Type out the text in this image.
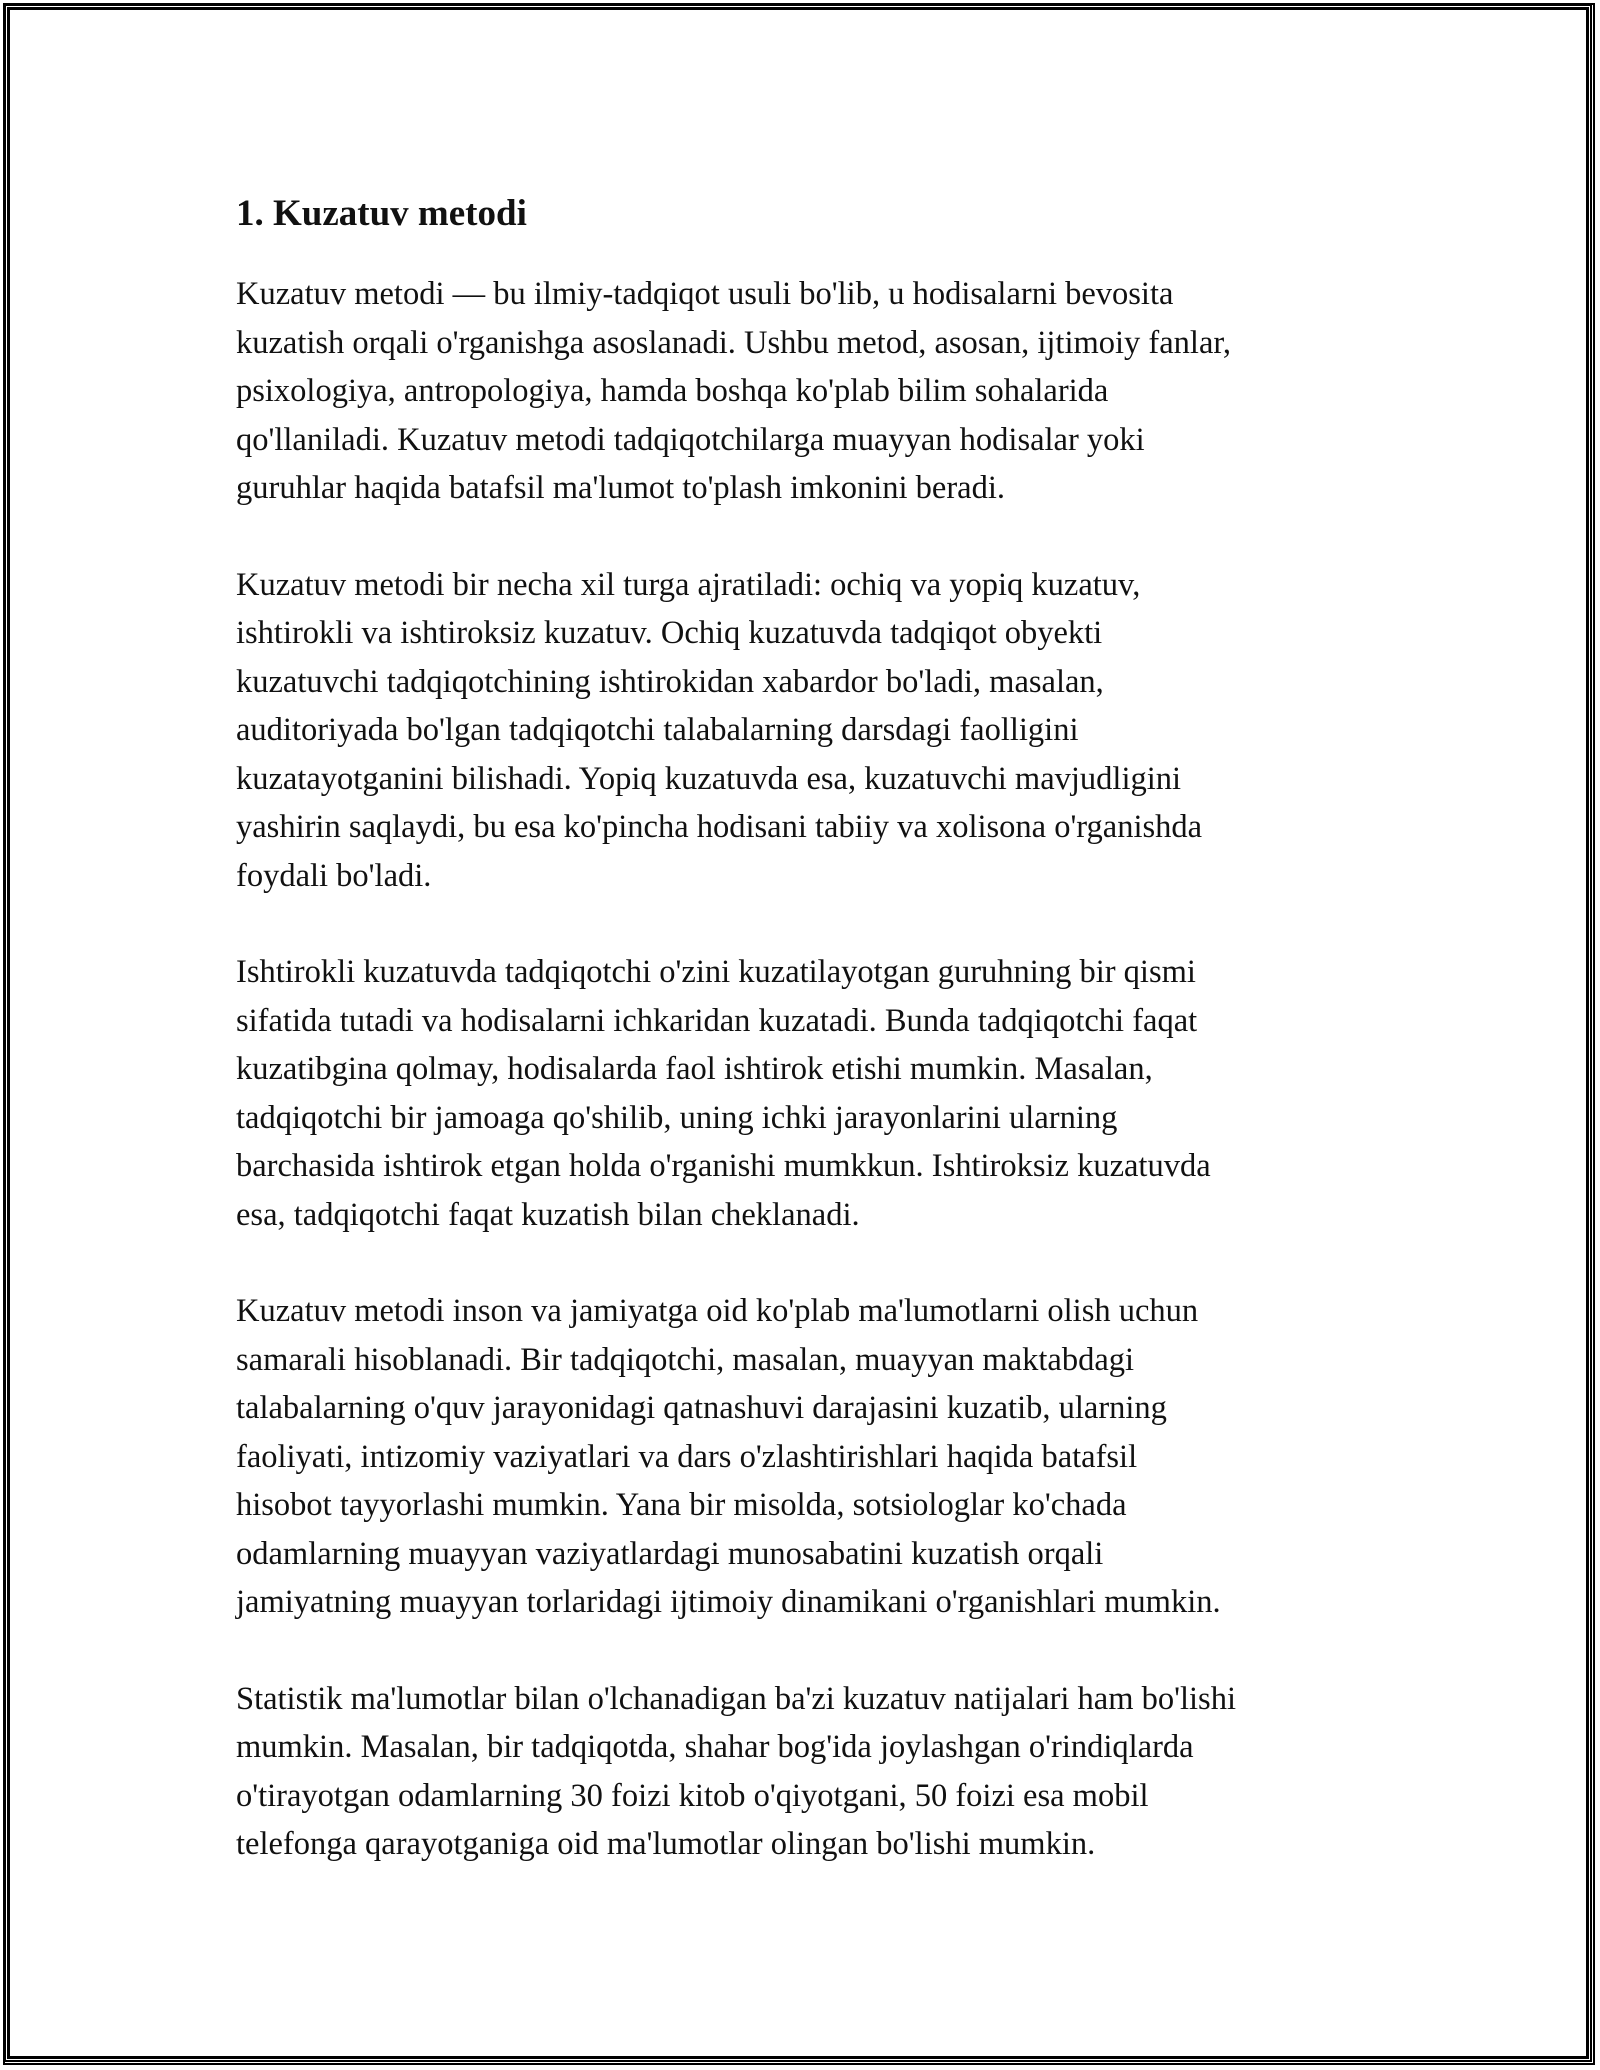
1. Kuzatuv metodi
Kuzatuv metodi — bu ilmiy-tadqiqot usuli bo'lib, u hodisalarni bevosita
kuzatish orqali o'rganishga asoslanadi. Ushbu metod, asosan, ijtimoiy fanlar,
psixologiya, antropologiya, hamda boshqa ko'plab bilim sohalarida
qo'llaniladi. Kuzatuv metodi tadqiqotchilarga muayyan hodisalar yoki
guruhlar haqida batafsil ma'lumot to'plash imkonini beradi.
Kuzatuv metodi bir necha xil turga ajratiladi: ochiq va yopiq kuzatuv,
ishtirokli va ishtiroksiz kuzatuv. Ochiq kuzatuvda tadqiqot obyekti
kuzatuvchi tadqiqotchining ishtirokidan xabardor bo'ladi, masalan,
auditoriyada bo'lgan tadqiqotchi talabalarning darsdagi faolligini
kuzatayotganini bilishadi. Yopiq kuzatuvda esa, kuzatuvchi mavjudligini
yashirin saqlaydi, bu esa ko'pincha hodisani tabiiy va xolisona o'rganishda
foydali bo'ladi.
Ishtirokli kuzatuvda tadqiqotchi o'zini kuzatilayotgan guruhning bir qismi
sifatida tutadi va hodisalarni ichkaridan kuzatadi. Bunda tadqiqotchi faqat
kuzatibgina qolmay, hodisalarda faol ishtirok etishi mumkin. Masalan,
tadqiqotchi bir jamoaga qo'shilib, uning ichki jarayonlarini ularning
barchasida ishtirok etgan holda o'rganishi mumkkun. Ishtiroksiz kuzatuvda
esa, tadqiqotchi faqat kuzatish bilan cheklanadi.
Kuzatuv metodi inson va jamiyatga oid ko'plab ma'lumotlarni olish uchun
samarali hisoblanadi. Bir tadqiqotchi, masalan, muayyan maktabdagi
talabalarning o'quv jarayonidagi qatnashuvi darajasini kuzatib, ularning
faoliyati, intizomiy vaziyatlari va dars o'zlashtirishlari haqida batafsil
hisobot tayyorlashi mumkin. Yana bir misolda, sotsiologlar ko'chada
odamlarning muayyan vaziyatlardagi munosabatini kuzatish orqali
jamiyatning muayyan torlaridagi ijtimoiy dinamikani o'rganishlari mumkin.
Statistik ma'lumotlar bilan o'lchanadigan ba'zi kuzatuv natijalari ham bo'lishi
mumkin. Masalan, bir tadqiqotda, shahar bog'ida joylashgan o'rindiqlarda
o'tirayotgan odamlarning 30 foizi kitob o'qiyotgani, 50 foizi esa mobil
telefonga qarayotganiga oid ma'lumotlar olingan bo'lishi mumkin.
